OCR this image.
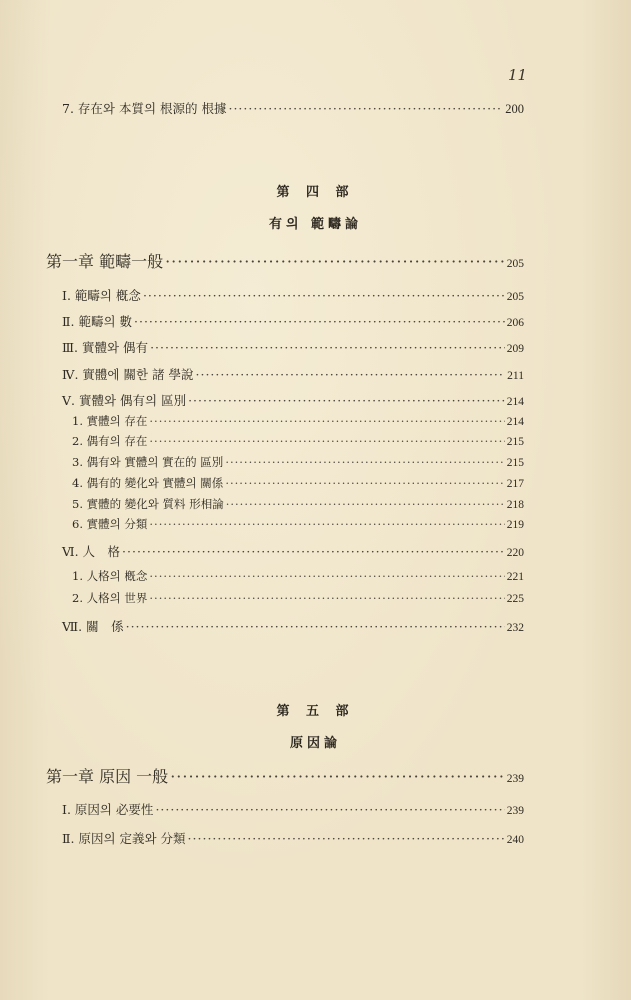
11
7. 存在와 本質의 根源的 根據 ·····	200
第 四 部
有의 範疇論
第一章 範疇一般 ·····	205
Ⅰ. 範疇의 槪念 ·····	205
Ⅱ. 範疇의 數 ·····	206
Ⅲ. 實體와 偶有 ·····	209
Ⅳ. 實體에 關한 諸 學說 ·····	211
Ⅴ. 實體와 偶有의 區別 ·····	214
1. 實體의 存在 ·····	214
2. 偶有의 存在 ·····	215
3. 偶有와 實體의 實在的 區別 ·····	215
4. 偶有的 變化와 實體의 關係 ·····	217
5. 實體的 變化와 質料 形相論 ·····	218
6. 實體의 分類 ·····	219
Ⅵ. 人　格 ·····	220
1. 人格의 槪念 ·····	221
2. 人格의 世界 ·····	225
Ⅶ. 關　係 ·····	232
第 五 部
原因論
第一章 原因 一般 ·····	239
Ⅰ. 原因의 必要性 ·····	239
Ⅱ. 原因의 定義와 分類 ·····	240
